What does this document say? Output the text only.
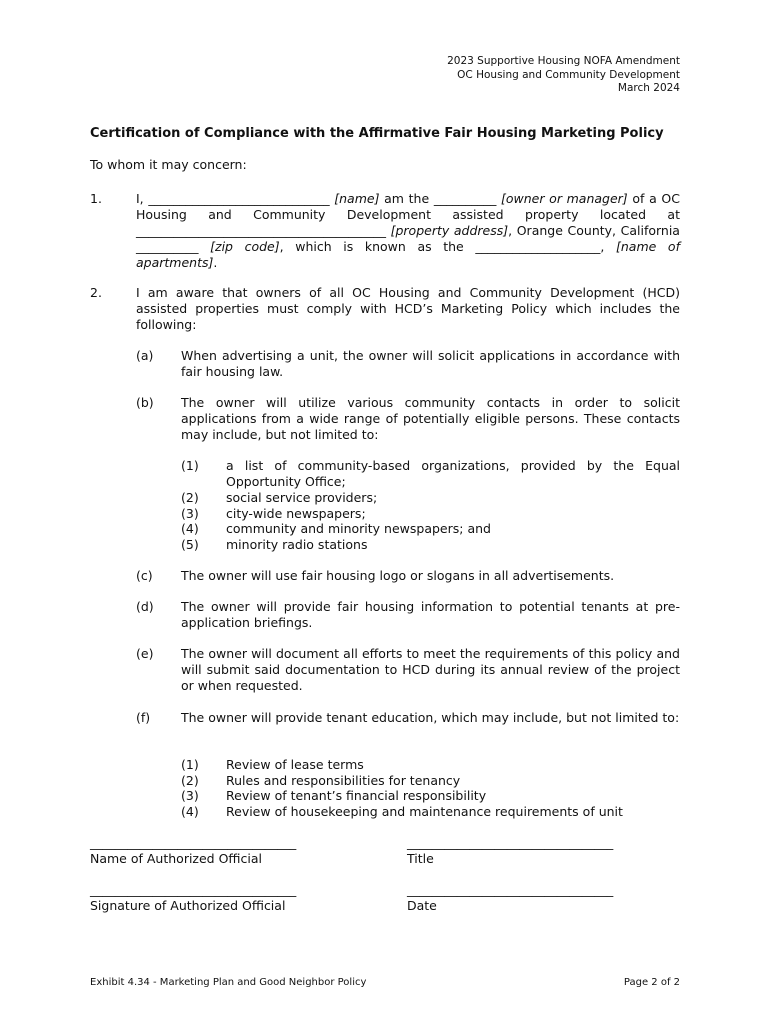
2023 Supportive Housing NOFA Amendment
OC Housing and Community Development
March 2024
Certification of Compliance with the Affirmative Fair Housing Marketing Policy
To whom it may concern:
1.	I, _____________________________ [name] am the __________ [owner or manager] of a OC Housing and Community Development assisted property located at ________________________________________ [property address], Orange County, California __________ [zip code], which is known as the ____________________, [name of apartments].
2.	I am aware that owners of all OC Housing and Community Development (HCD) assisted properties must comply with HCD’s Marketing Policy which includes the following:
(a) When advertising a unit, the owner will solicit applications in accordance with fair housing law.
(b) The owner will utilize various community contacts in order to solicit applications from a wide range of potentially eligible persons. These contacts may include, but not limited to:
(1) a list of community-based organizations, provided by the Equal Opportunity Office;
(2) social service providers;
(3) city-wide newspapers;
(4) community and minority newspapers; and
(5) minority radio stations
(c) The owner will use fair housing logo or slogans in all advertisements.
(d) The owner will provide fair housing information to potential tenants at pre-application briefings.
(e) The owner will document all efforts to meet the requirements of this policy and will submit said documentation to HCD during its annual review of the project or when requested.
(f) The owner will provide tenant education, which may include, but not limited to:
(1) Review of lease terms
(2) Rules and responsibilities for tenancy
(3) Review of tenant’s financial responsibility
(4) Review of housekeeping and maintenance requirements of unit
_________________________________	_________________________________
Name of Authorized Official	Title
_________________________________	_________________________________
Signature of Authorized Official	Date
Exhibit 4.34 - Marketing Plan and Good Neighbor Policy	Page 2 of 2
